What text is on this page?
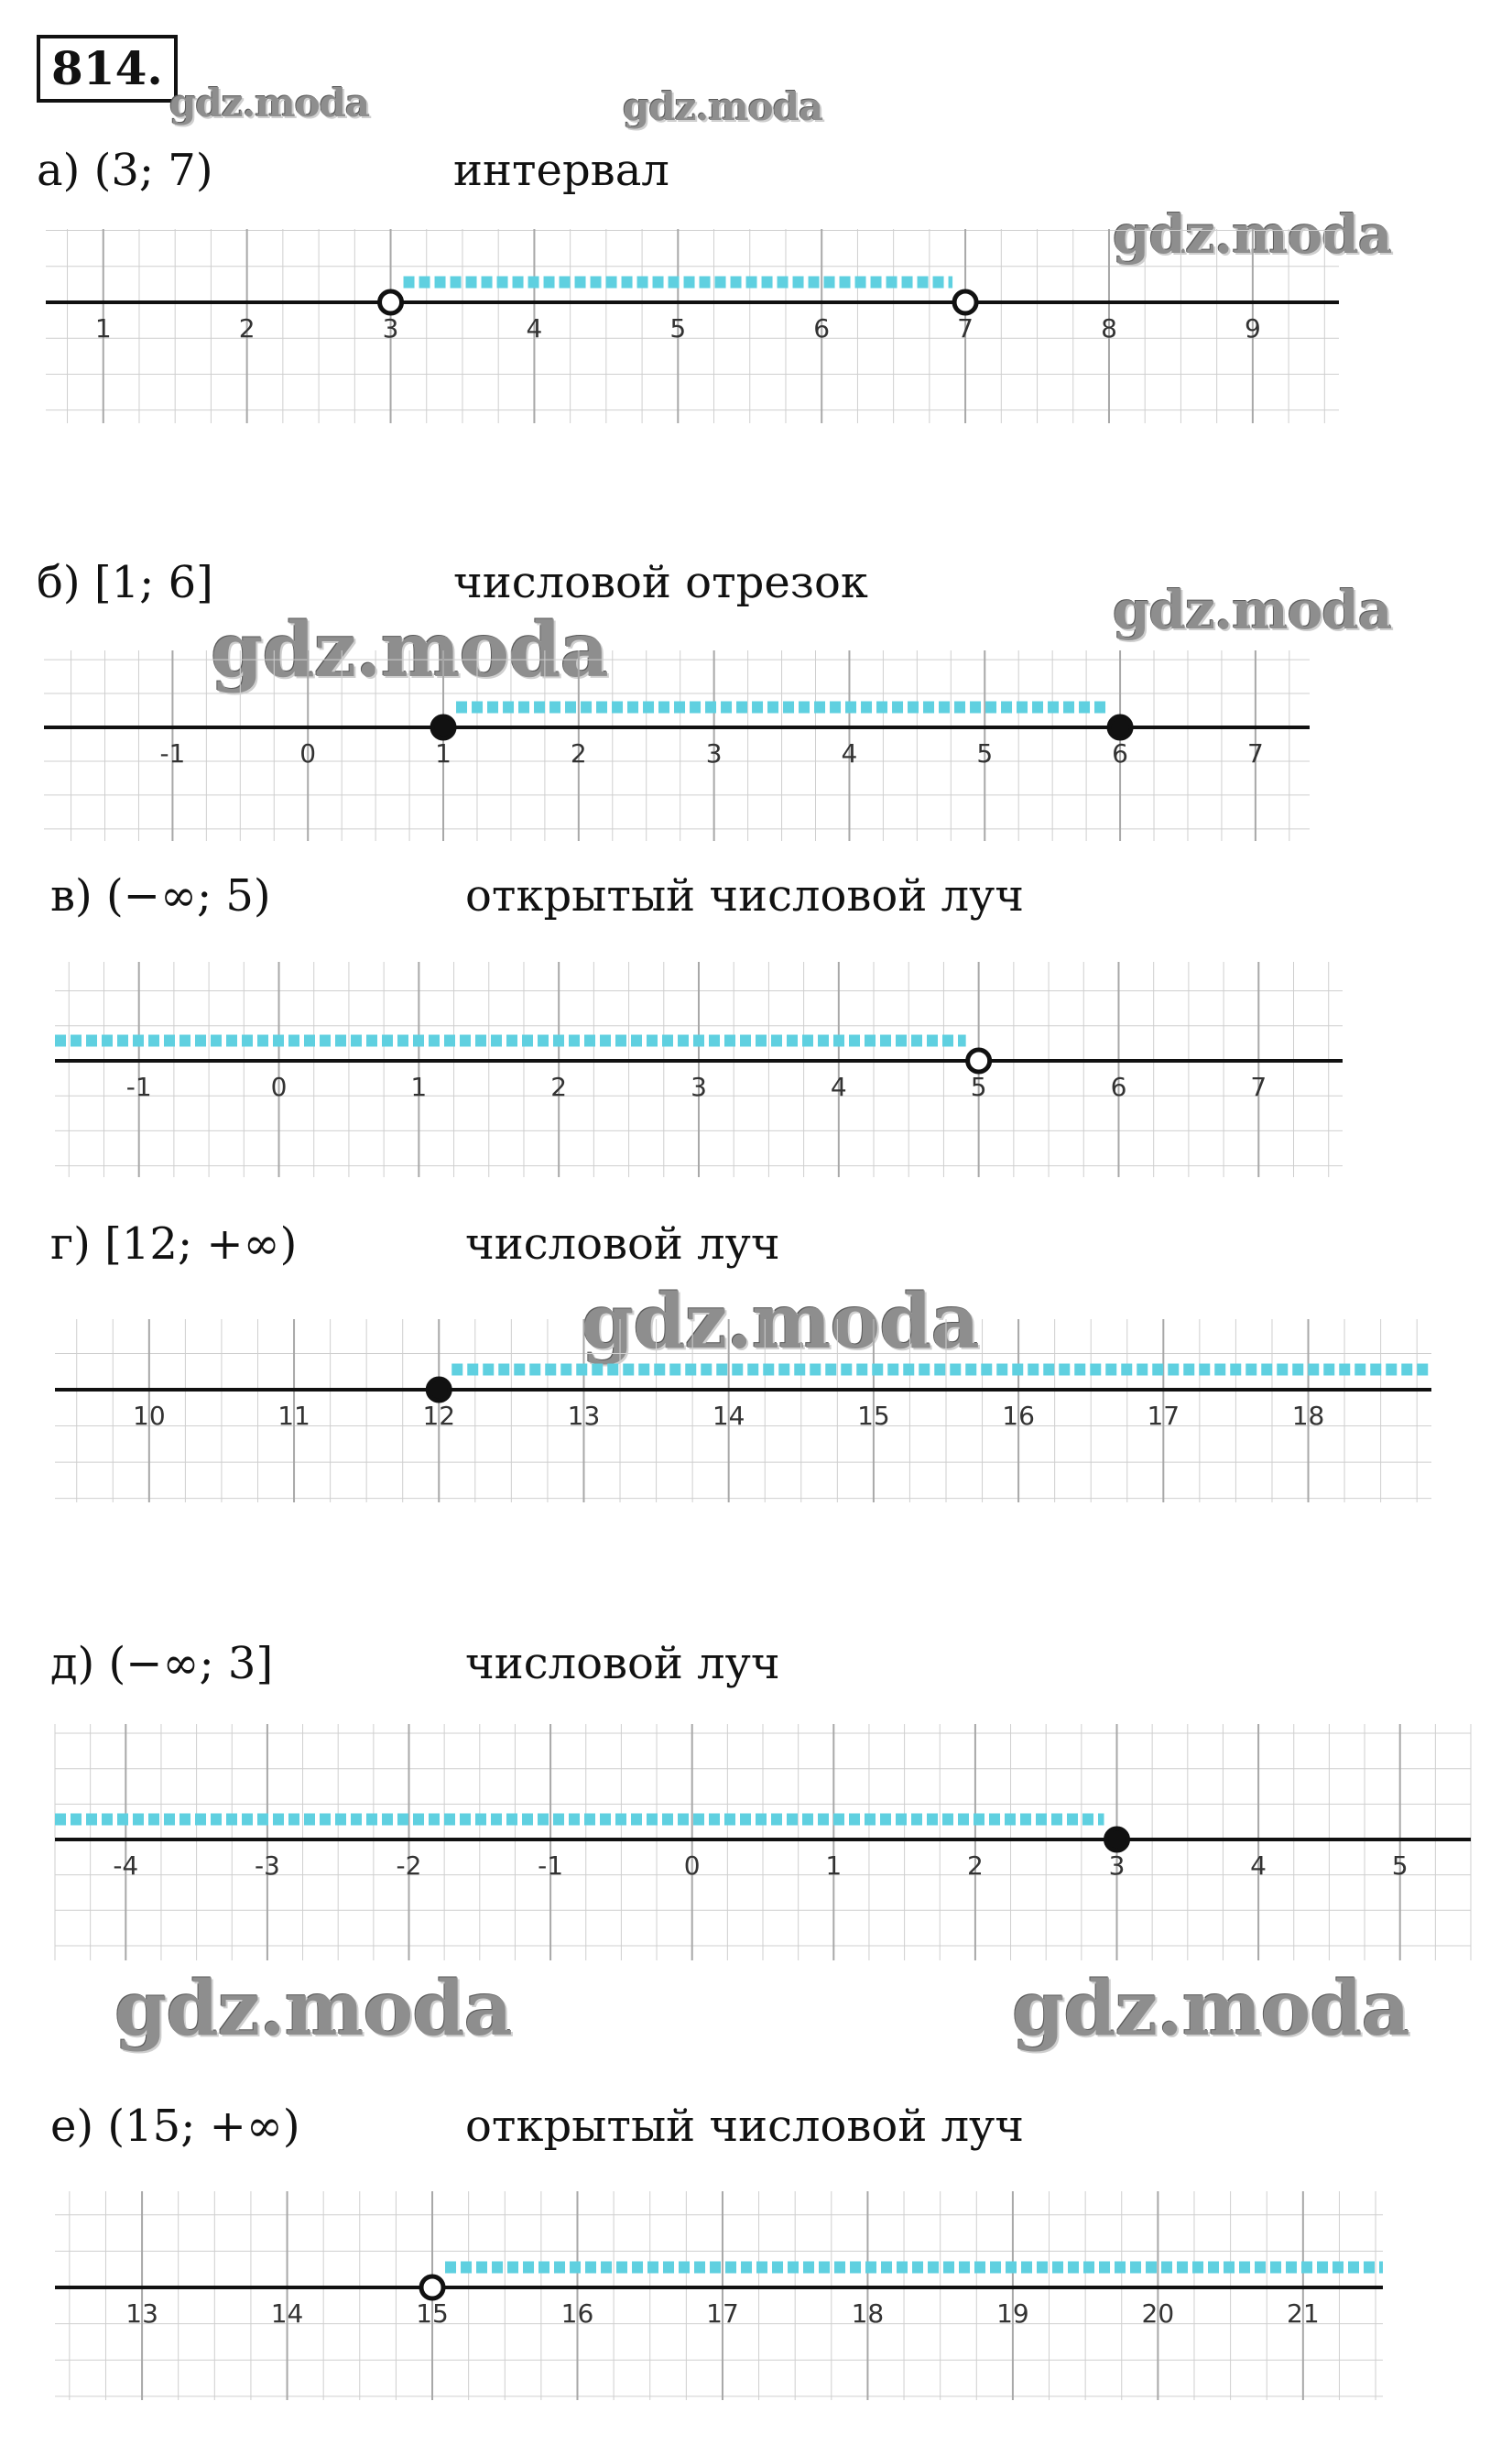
814.
gdz.moda	gdz.moda
gdz.moda
gdz.moda
gdz.moda
gdz.moda
gdz.moda	gdz.moda
а) (3; 7)	интервал
1	2	3	4	5	6	7	8	9
б) [1; 6]	числовой отрезок
-1	0	1	2	3	4	5	6	7
в) (−∞; 5)	открытый числовой луч
-1	0	1	2	3	4	5	6	7
г) [12; +∞)	числовой луч
10	11	12	13	14	15	16	17	18
д) (−∞; 3]	числовой луч
-4	-3	-2	-1	0	1	2	3	4	5
е) (15; +∞)	открытый числовой луч
13	14	15	16	17	18	19	20	21
